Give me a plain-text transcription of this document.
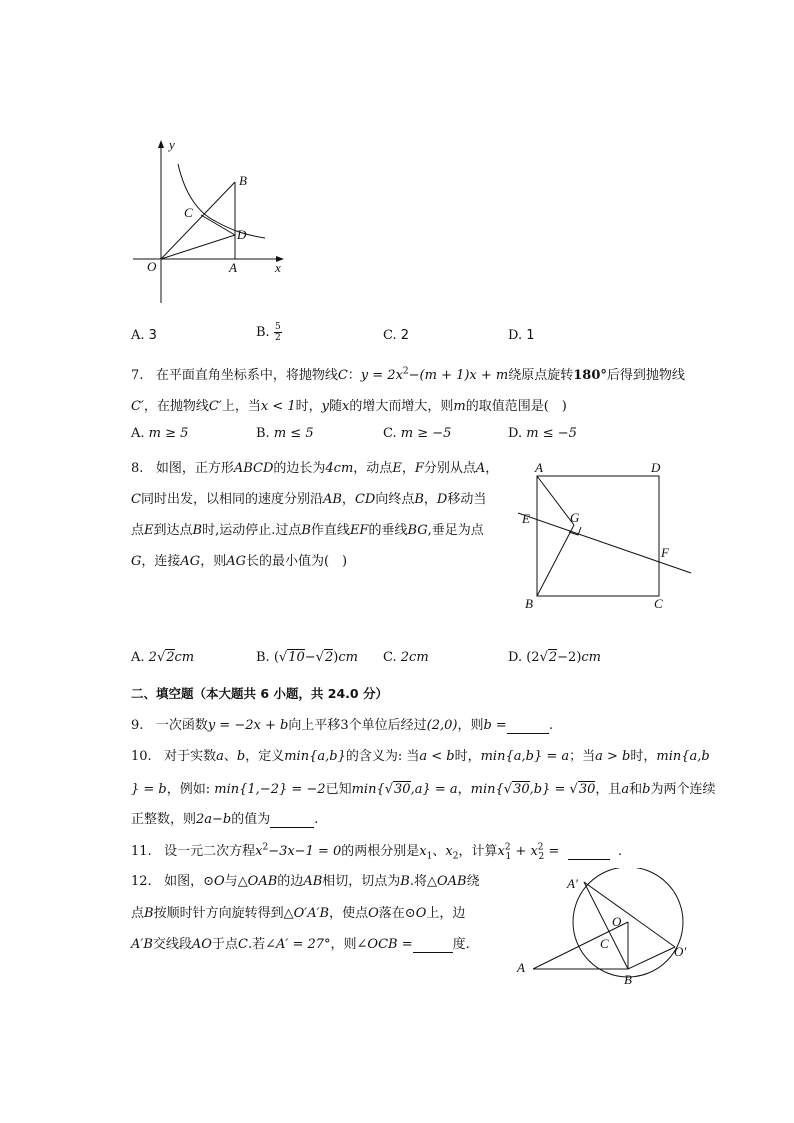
y
B
C
D
O	A	x
A. 3	B. $\frac{5}{2}$	C. 2	D. 1
7. 在平面直角坐标系中，将抛物线C：$y = 2x^2-(m + 1)x + m$绕原点旋转180°后得到抛物线
C′，在抛物线C′上，当x < 1时，y随x的增大而增大，则m的取值范围是(　)
A. m ≥ 5	B. m ≤ 5	C. m ≥ −5	D. m ≤ −5
8. 如图，正方形ABCD的边长为4cm，动点E，F分别从点A，
C同时出发，以相同的速度分别沿AB，CD向终点B，D移动当
点E到达点B时,运动停止.过点B作直线EF的垂线BG,垂足为点
G，连接AG，则AG长的最小值为(　)
A	D
E	G
F
B	C
A. 2√2cm	B. (√10−√2)cm C. 2cm	D. (2√2−2)cm
二、填空题（本大题共 6 小题，共 24.0 分）
9. 一次函数y = −2x + b向上平移3个单位后经过(2,0)，则b =	.
10. 对于实数a、b，定义min{a,b}的含义为: 当a < b时，min{a,b} = a；当a > b时，min{a,b
} = b，例如: min{1,−2} = −2已知min{√30,a} = a，min{√30,b} = √30，且a和b为两个连续
正整数，则2a−b的值为	.
11. 设一元二次方程$x^2-3x-1 = 0$的两根分别是$x_1$、$x_2$，计算$x^2_1 + x^2_2$ =	.
12. 如图，⊙O与△OAB的边AB相切，切点为B.将△OAB绕
点B按顺时针方向旋转得到△O′A′B，使点O落在⊙O上，边
A′B交线段AO于点C.若∠A′ = 27°，则∠OCB =	度.
A′
O
C
O′
A
B
